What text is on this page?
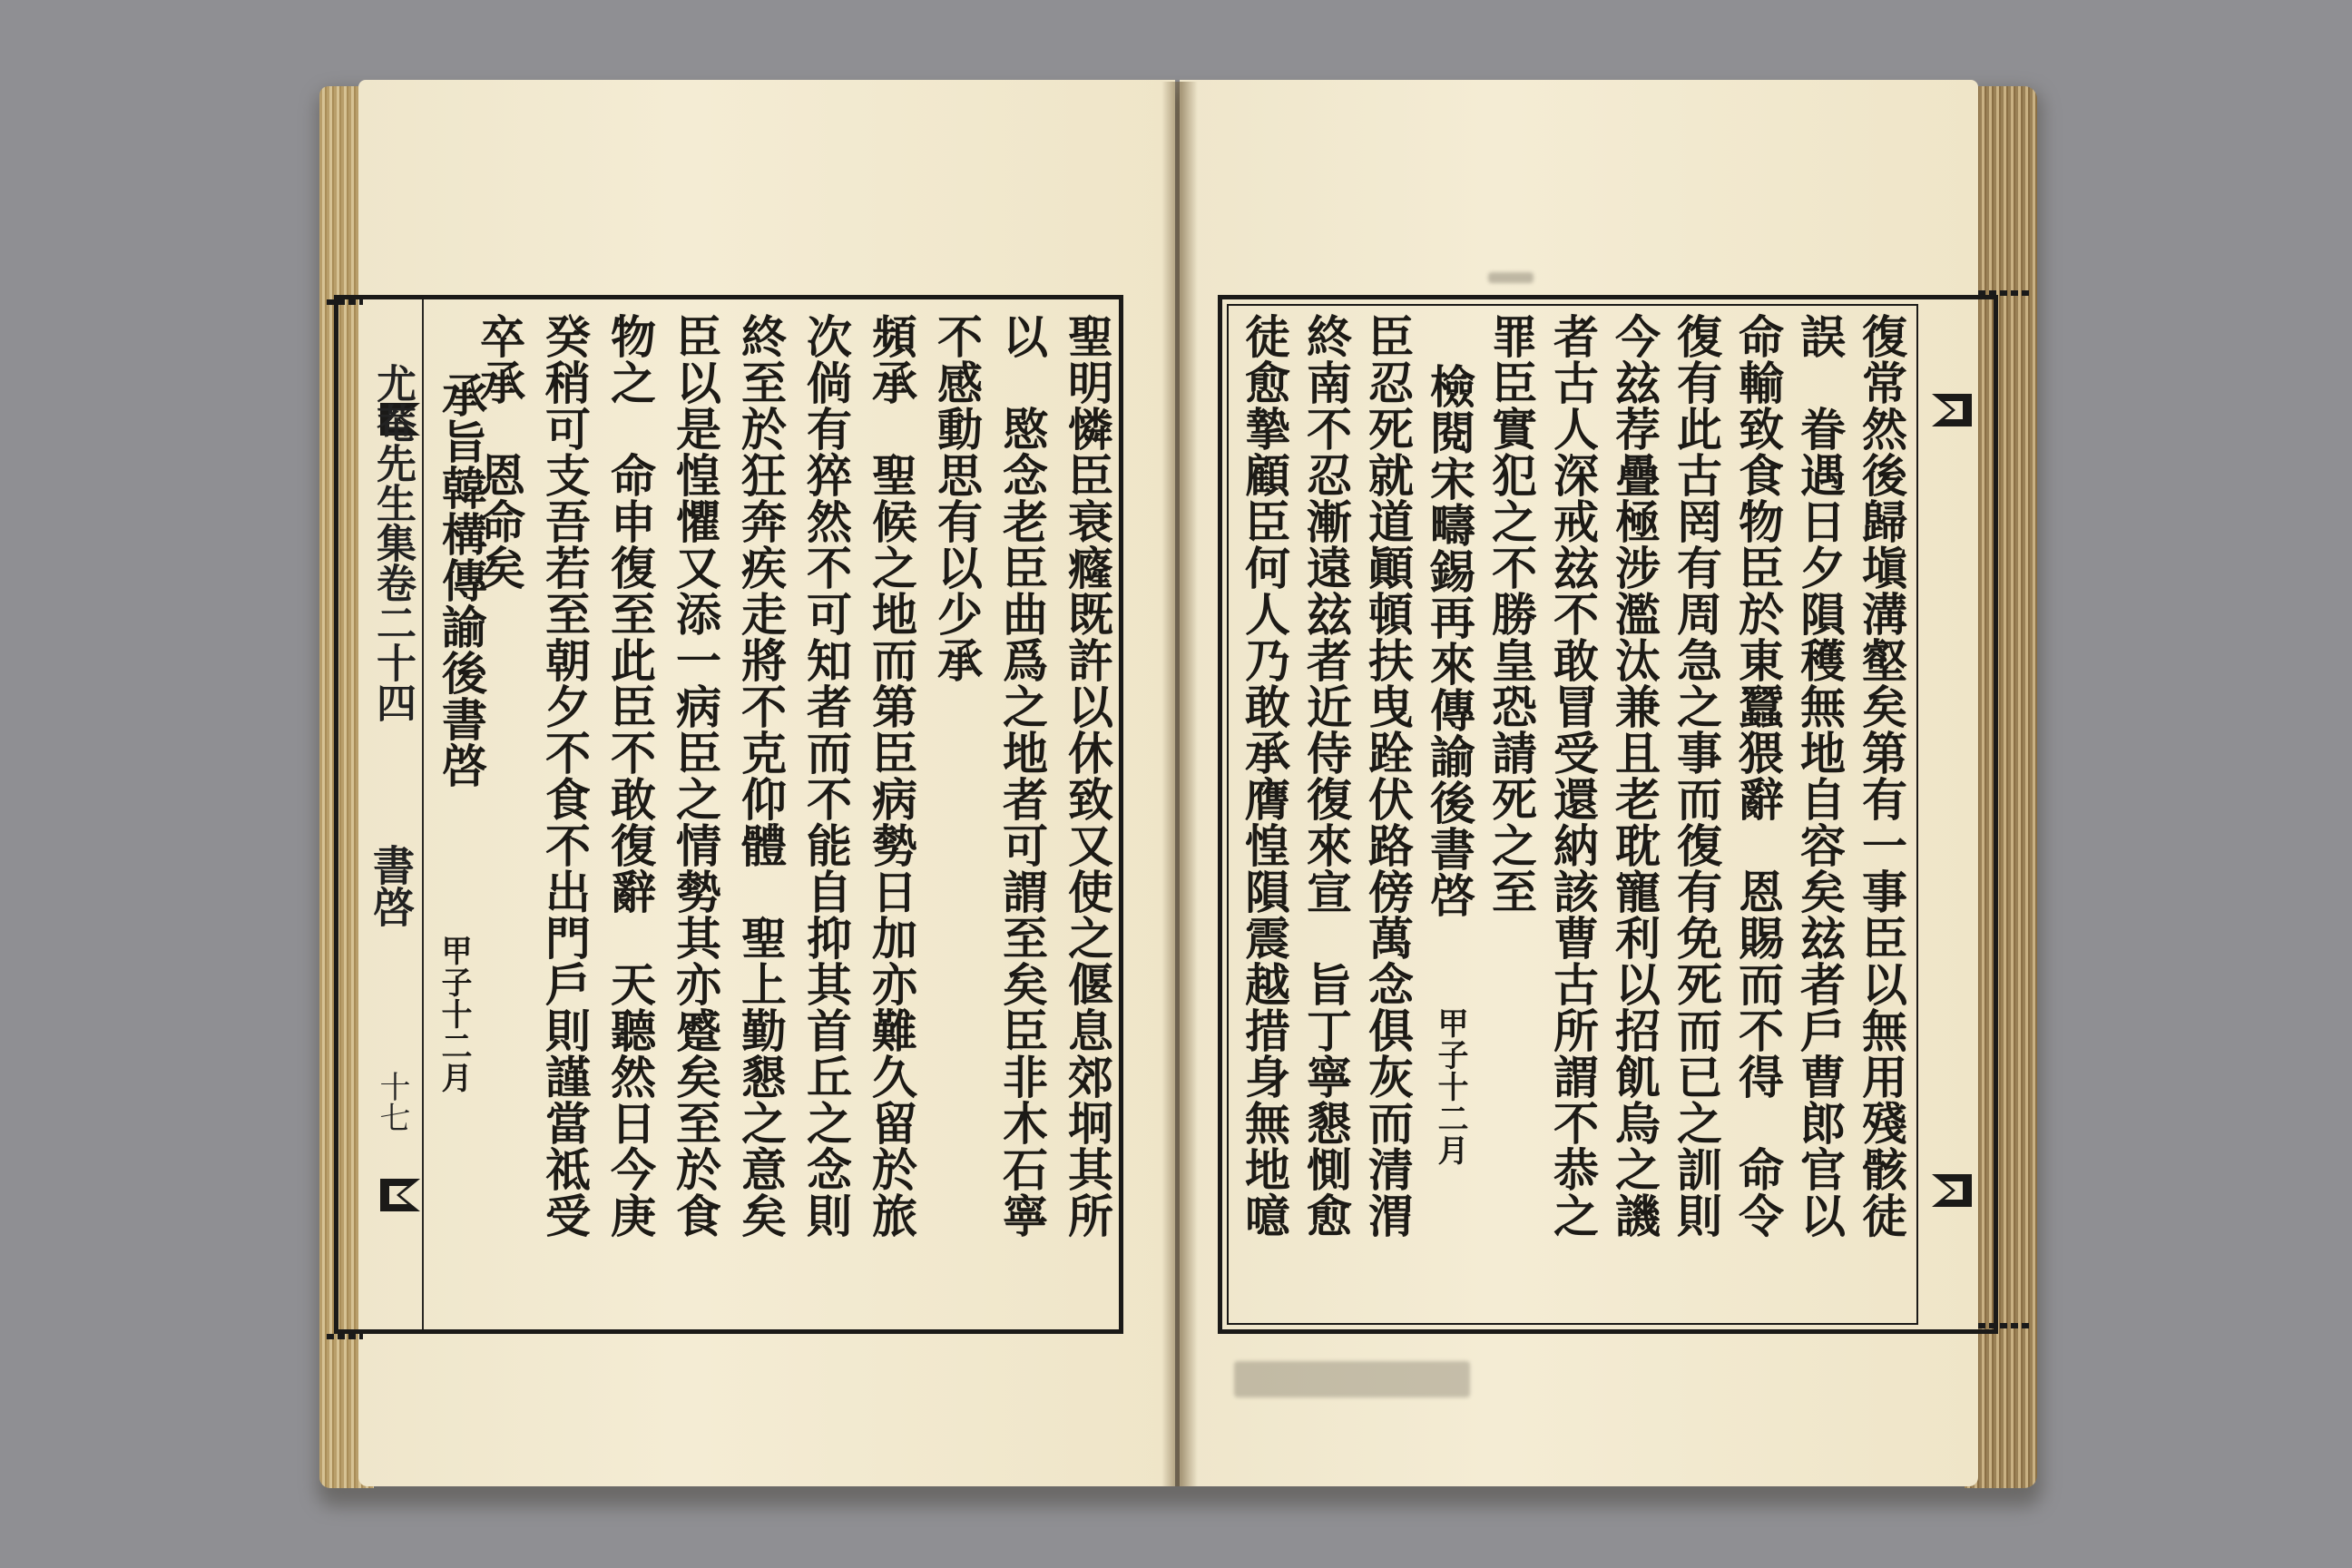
尤菴先生集卷二十四
書啓
十七	聖明憐臣衰癃既許以休致又使之偃息郊坰其所
以　愍念老臣曲爲之地者可謂至矣臣非木石寧
不感動思有以少承
頻承　聖候之地而第臣病勢日加亦難久留於旅
次倘有猝然不可知者而不能自抑其首丘之念則
終至於狂奔疾走將不克仰體　聖上勤懇之意矣
臣以是惶懼又添一病臣之情勢其亦蹙矣至於食
物之　命申復至此臣不敢復辭　天聽然日今庚
癸稍可支吾若至朝夕不食不出門戶則謹當祗受
卒承　恩命矣
承旨韓構傳諭後書啓
甲子十二月	復常然後歸塡溝壑矣第有一事臣以無用殘骸徒
誤　眷遇日夕隕穫無地自容矣玆者戶曹郎官以
命輸致食物臣於東蠶猥辭　恩賜而不得　命令
復有此古罔有周急之事而復有免死而已之訓則
今玆荐疊極涉濫汰兼且老耽寵利以招飢烏之譏
者古人深戒玆不敢冒受還納該曹古所謂不恭之
罪臣實犯之不勝皇恐請死之至
檢閱宋疇錫再來傳諭後書啓
甲子十二月
臣忍死就道顚頓扶曳跧伏路傍萬念俱灰而清渭
終南不忍漸遠玆者近侍復來宣　旨丁寧懇惻愈
徒愈摯顧臣何人乃敢承膺惶隕震越措身無地噫
